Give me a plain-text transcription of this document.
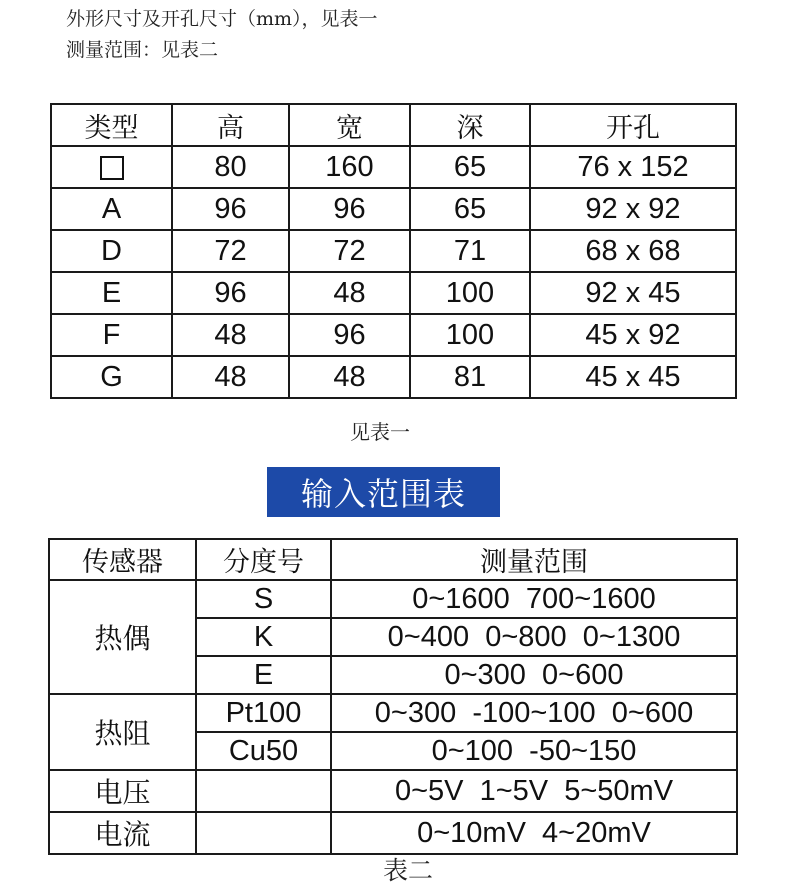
外形尺寸及开孔尺寸（mm），见表一
测量范围：见表二
类型	高	宽	深	开孔
	80	160	65	76 x 152
A	96	96	65	92 x 92
D	72	72	71	68 x 68
E	96	48	100	92 x 45
F	48	96	100	45 x 92
G	48	48	81	45 x 45
见表一
输入范围表
传感器	分度号	测量范围
热偶	S	0~1600  700~1600
	K	0~400  0~800  0~1300
	E	0~300  0~600
热阻	Pt100	0~300  -100~100  0~600
	Cu50	0~100  -50~150
电压		0~5V  1~5V  5~50mV
电流		0~10mV  4~20mV
表二
